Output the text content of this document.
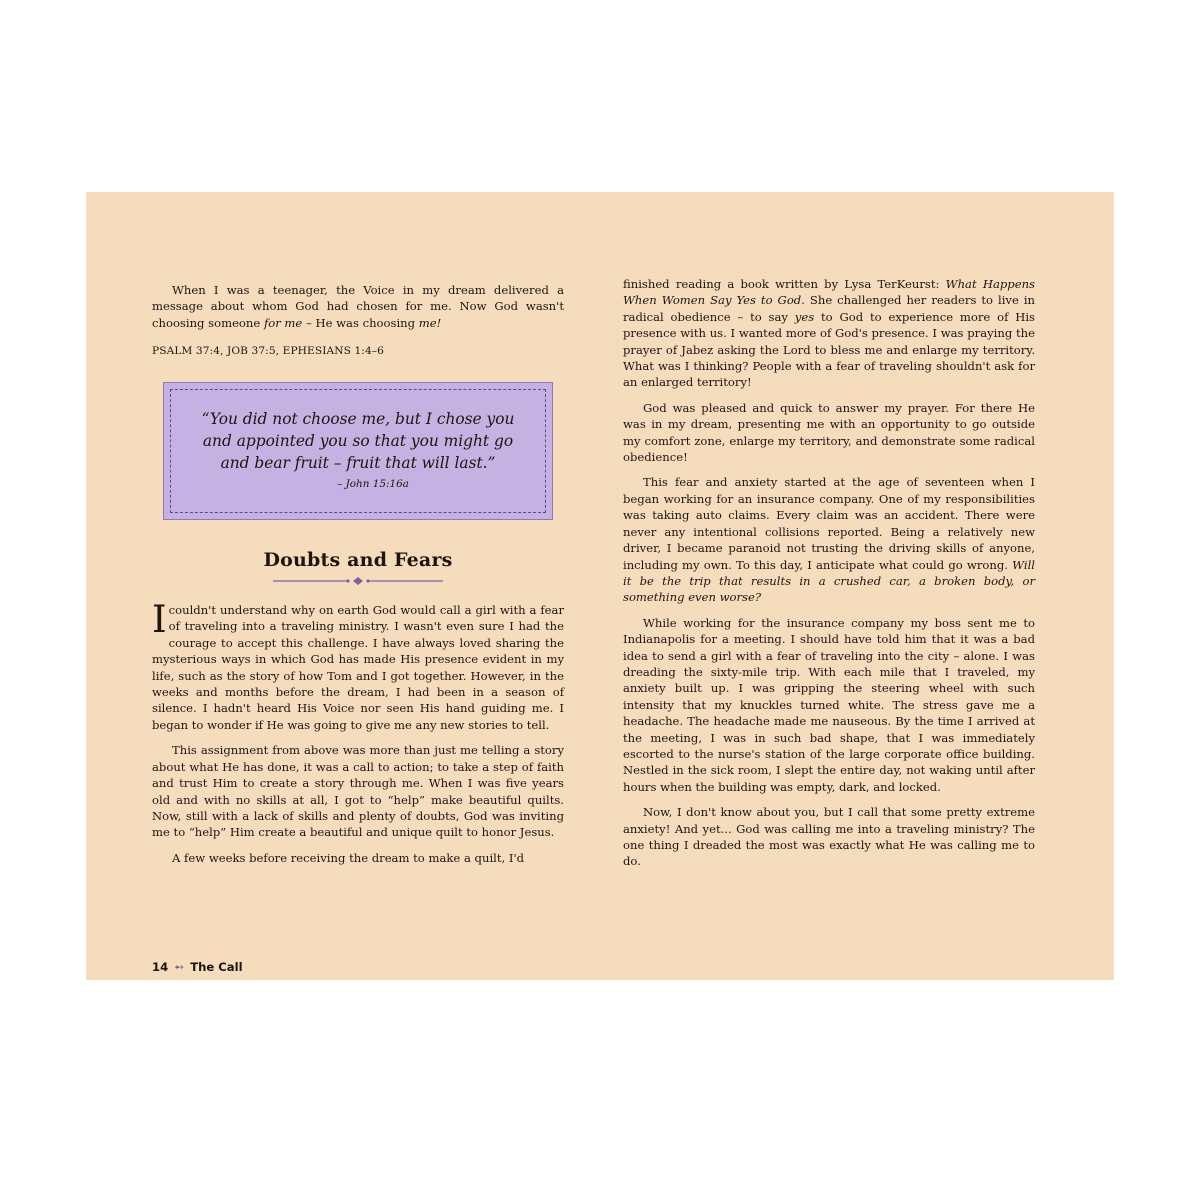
When I was a teenager, the Voice in my dream delivered a message about whom God had chosen for me. Now God wasn't choosing someone for me – He was choosing me!

PSALM 37:4, JOB 37:5, EPHESIANS 1:4–6
“You did not choose me, but I chose you and appointed you so that you might go and bear fruit – fruit that will last.”
– John 15:16a
Doubts and Fears

Icouldn't understand why on earth God would call a girl with a fear of traveling into a traveling ministry. I wasn't even sure I had the courage to accept this challenge. I have always loved sharing the mysterious ways in which God has made His presence evident in my life, such as the story of how Tom and I got together. However, in the weeks and months before the dream, I had been in a season of silence. I hadn't heard His Voice nor seen His hand guiding me. I began to wonder if He was going to give me any new stories to tell.

This assignment from above was more than just me telling a story about what He has done, it was a call to action; to take a step of faith and trust Him to create a story through me. When I was five years old and with no skills at all, I got to “help” make beautiful quilts. Now, still with a lack of skills and plenty of doubts, God was inviting me to “help” Him create a beautiful and unique quilt to honor Jesus.

A few weeks before receiving the dream to make a quilt, I'd

finished reading a book written by Lysa TerKeurst: What Happens When Women Say Yes to God. She challenged her readers to live in radical obedience – to say yes to God to experience more of His presence with us. I wanted more of God's presence. I was praying the prayer of Jabez asking the Lord to bless me and enlarge my territory. What was I thinking? People with a fear of traveling shouldn't ask for an enlarged territory!

God was pleased and quick to answer my prayer. For there He was in my dream, presenting me with an opportunity to go outside my comfort zone, enlarge my territory, and demonstrate some radical obedience!

This fear and anxiety started at the age of seventeen when I began working for an insurance company. One of my responsibilities was taking auto claims. Every claim was an accident. There were never any intentional collisions reported. Being a relatively new driver, I became paranoid not trusting the driving skills of anyone, including my own. To this day, I anticipate what could go wrong. Will it be the trip that results in a crushed car, a broken body, or something even worse?

While working for the insurance company my boss sent me to Indianapolis for a meeting. I should have told him that it was a bad idea to send a girl with a fear of traveling into the city – alone. I was dreading the sixty-mile trip. With each mile that I traveled, my anxiety built up. I was gripping the steering wheel with such intensity that my knuckles turned white. The stress gave me a headache. The headache made me nauseous. By the time I arrived at the meeting, I was in such bad shape, that I was immediately escorted to the nurse's station of the large corporate office building. Nestled in the sick room, I slept the entire day, not waking until after hours when the building was empty, dark, and locked.

Now, I don't know about you, but I call that some pretty extreme anxiety! And yet... God was calling me into a traveling ministry? The one thing I dreaded the most was exactly what He was calling me to do.

14 ➻ The Call
